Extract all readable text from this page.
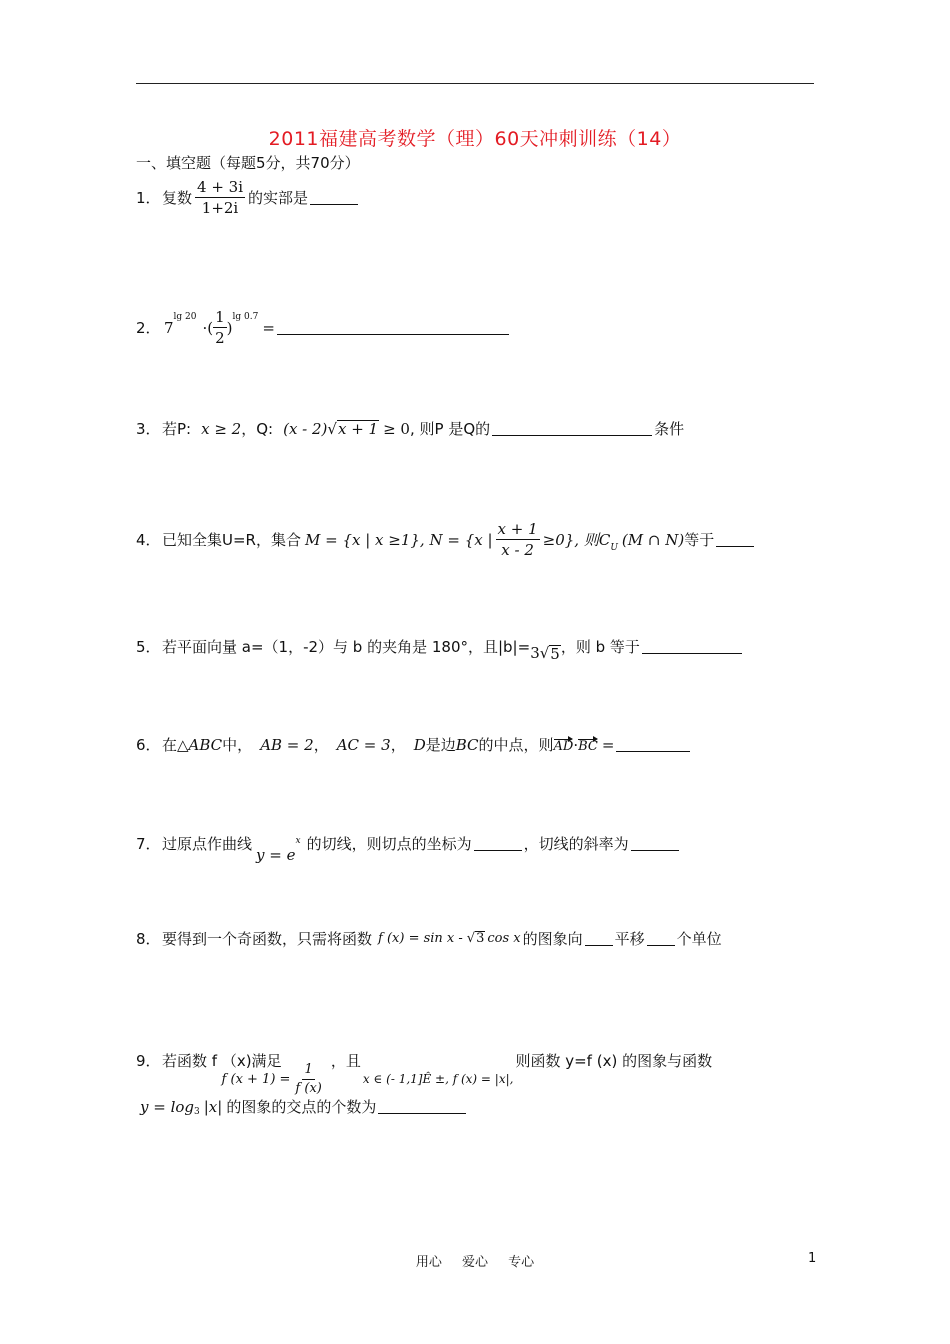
2011福建高考数学（理）60天冲刺训练（14）
一、填空题（每题5分，共70分）
1． 复数 $\frac{4 + 3i}{1+2i}$ 的实部是
2． 7
lg 20
·( $\frac{1}{2}$ )
lg 0.7
=
3． 若P: x ≥ 2 ，Q: (x - 2) √ x + 1 ≥ 0 , 则P 是Q的	条件
4． 已知全集U=R，集合 M = {x | x ≥1}, N = {x | $\frac{x + 1}{x - 2} \ge 0$}, 则 C U (M ∩ N) 等于
5． 若平面向量 a=（1，-2）与 b 的夹角是 180°，且|b|= 3 √ 5 ，则 b 等于
6． 在 △ABC 中， AB = 2 ， AC = 3 ， D 是边 BC 的中点，则 AD · BC =
7． 过原点作曲线
y = e
x 的切线，则切点的坐标为	，切线的斜率为
8． 要得到一个奇函数，只需将函数 f (x) = sin x - √ 3 cos x 的图象向 平移 个单位
9． 若函数 f （x)满足
f $(x + 1) = \frac{1}{f (x)}$
，且
x ∈ (- 1,1]Ê ±, f (x) = |x|,
则函数 y=f (x) 的图象与函数
y = log 3 |x| 的图象的交点的个数为
用心 爱心 专心	1
